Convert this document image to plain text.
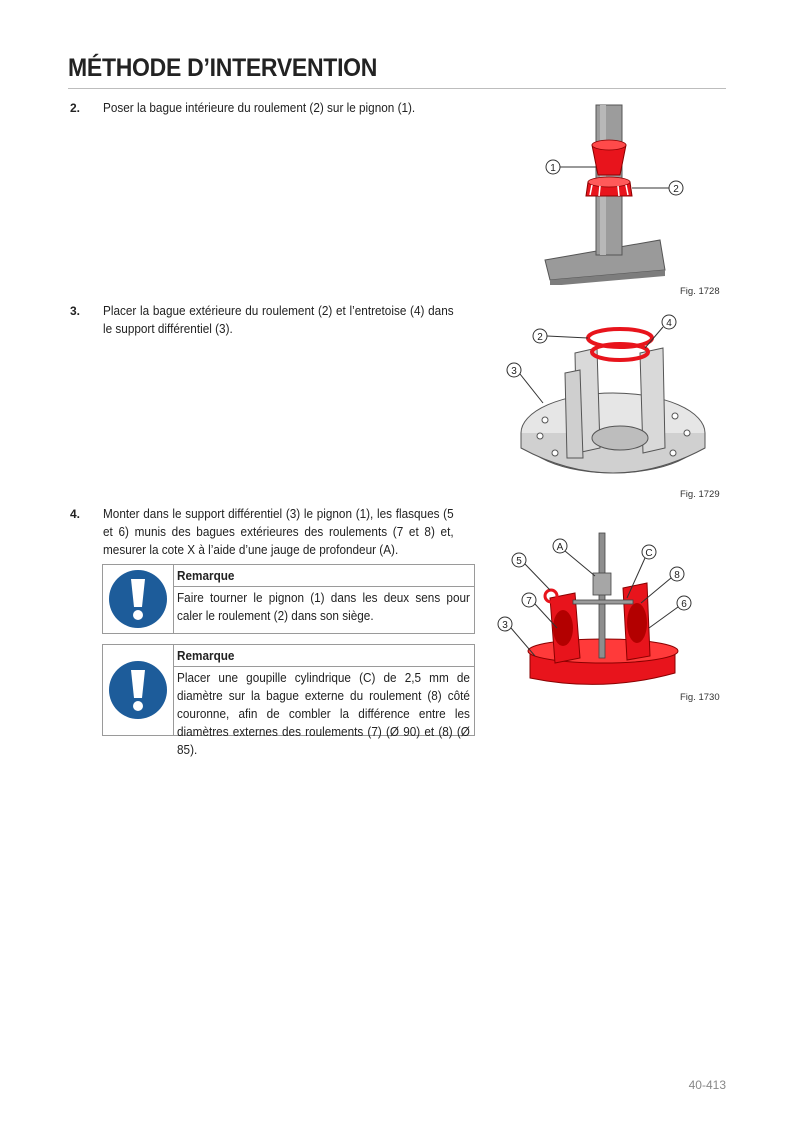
MÉTHODE D’INTERVENTION
2. Poser la bague intérieure du roulement (2) sur le pignon (1).
3. Placer la bague extérieure du roulement (2) et l’entretoise (4) dans le support différentiel (3).
4. Monter dans le support différentiel (3) le pignon (1), les flasques (5 et 6) munis des bagues extérieures des roulements (7 et 8) et, mesurer la cote X à l’aide d’une jauge de profondeur (A).
Remarque
Faire tourner le pignon (1) dans les deux sens pour caler le roulement (2) dans son siège.
Remarque
Placer une goupille cylindrique (C) de 2,5 mm de diamètre sur la bague externe du roulement (8) côté couronne, afin de combler la différence entre les diamètres externes des roulements (7) (Ø 90) et (8) (Ø 85).
1
2
Fig. 1728
2
4
3
Fig. 1729
A
C
5
8
7	6
3
Fig. 1730
40-413
